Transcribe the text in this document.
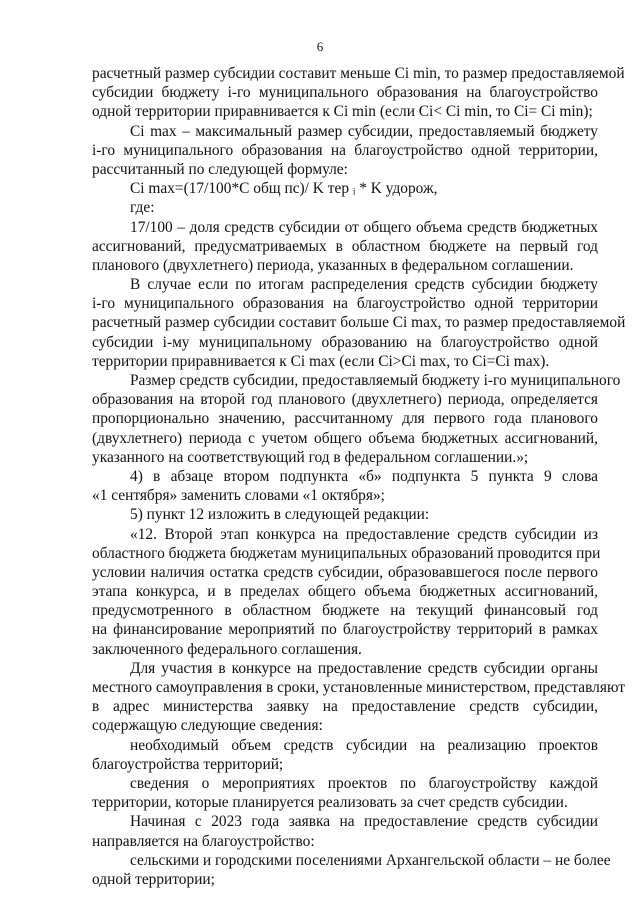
6
расчетный размер субсидии составит меньше Ci min, то размер предоставляемой
субсидии бюджету i-го муниципального образования на благоустройство
одной территории приравнивается к Ci min (если Ci< Ci min, то Ci= Ci min);
Ci max – максимальный размер субсидии, предоставляемый бюджету
i-го муниципального образования на благоустройство одной территории,
рассчитанный по следующей формуле:
Ci max=(17/100*C общ пс)/ K тер ᵢ * K удорож,
где:
17/100 – доля средств субсидии от общего объема средств бюджетных
ассигнований, предусматриваемых в областном бюджете на первый год
планового (двухлетнего) периода, указанных в федеральном соглашении.
В случае если по итогам распределения средств субсидии бюджету
i-го муниципального образования на благоустройство одной территории
расчетный размер субсидии составит больше Ci max, то размер предоставляемой
субсидии i-му муниципальному образованию на благоустройство одной
территории приравнивается к Ci max (если Ci>Ci max, то Ci=Ci max).
Размер средств субсидии, предоставляемый бюджету i-го муниципального
образования на второй год планового (двухлетнего) периода, определяется
пропорционально значению, рассчитанному для первого года планового
(двухлетнего) периода с учетом общего объема бюджетных ассигнований,
указанного на соответствующий год в федеральном соглашении.»;
4) в абзаце втором подпункта «б» подпункта 5 пункта 9 слова
«1 сентября» заменить словами «1 октября»;
5) пункт 12 изложить в следующей редакции:
«12. Второй этап конкурса на предоставление средств субсидии из
областного бюджета бюджетам муниципальных образований проводится при
условии наличия остатка средств субсидии, образовавшегося после первого
этапа конкурса, и в пределах общего объема бюджетных ассигнований,
предусмотренного в областном бюджете на текущий финансовый год
на финансирование мероприятий по благоустройству территорий в рамках
заключенного федерального соглашения.
Для участия в конкурсе на предоставление средств субсидии органы
местного самоуправления в сроки, установленные министерством, представляют
в адрес министерства заявку на предоставление средств субсидии,
содержащую следующие сведения:
необходимый объем средств субсидии на реализацию проектов
благоустройства территорий;
сведения о мероприятиях проектов по благоустройству каждой
территории, которые планируется реализовать за счет средств субсидии.
Начиная с 2023 года заявка на предоставление средств субсидии
направляется на благоустройство:
сельскими и городскими поселениями Архангельской области – не более
одной территории;
